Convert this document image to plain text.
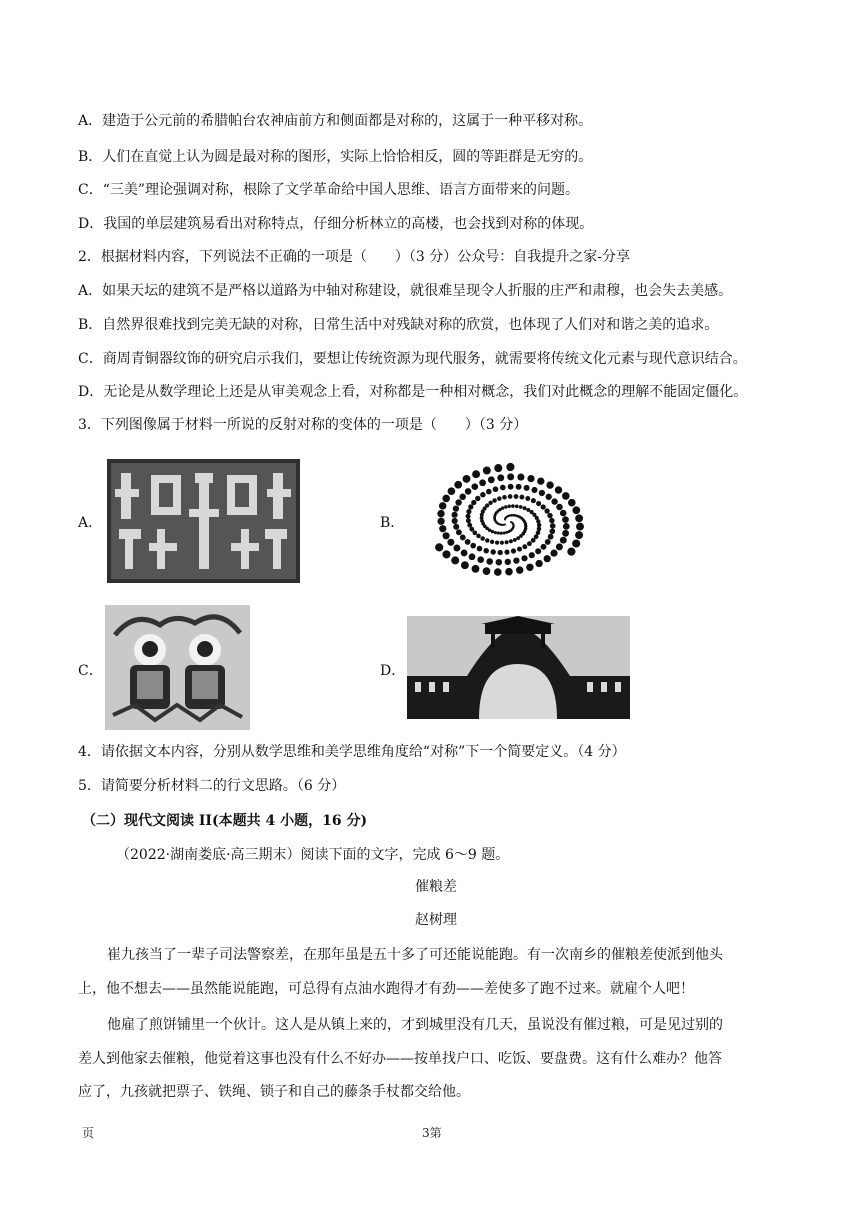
A．建造于公元前的希腊帕台农神庙前方和侧面都是对称的，这属于一种平移对称。
B．人们在直觉上认为圆是最对称的图形，实际上恰恰相反，圆的等距群是无穷的。
C．“三美”理论强调对称，根除了文学革命给中国人思维、语言方面带来的问题。
D．我国的单层建筑易看出对称特点，仔细分析林立的高楼，也会找到对称的体现。
2．根据材料内容，下列说法不正确的一项是（　　）（3 分）公众号：自我提升之家-分享
A．如果天坛的建筑不是严格以道路为中轴对称建设，就很难呈现令人折服的庄严和肃穆，也会失去美感。
B．自然界很难找到完美无缺的对称，日常生活中对残缺对称的欣赏，也体现了人们对和谐之美的追求。
C．商周青铜器纹饰的研究启示我们，要想让传统资源为现代服务，就需要将传统文化元素与现代意识结合。
D．无论是从数学理论上还是从审美观念上看，对称都是一种相对概念，我们对此概念的理解不能固定僵化。
3．下列图像属于材料一所说的反射对称的变体的一项是（　　）（3 分）
A．	B．
C．	D．
4．请依据文本内容，分别从数学思维和美学思维角度给“对称”下一个简要定义。（4 分）
5．请简要分析材料二的行文思路。（6 分）
（二）现代文阅读 II(本题共 4 小题，16 分)
（2022·湖南娄底·高三期末）阅读下面的文字，完成 6～9 题。
催粮差
赵树理
崔九孩当了一辈子司法警察差，在那年虽是五十多了可还能说能跑。有一次南乡的催粮差使派到他头
上，他不想去——虽然能说能跑，可总得有点油水跑得才有劲——差使多了跑不过来。就雇个人吧！
他雇了煎饼铺里一个伙计。这人是从镇上来的，才到城里没有几天，虽说没有催过粮，可是见过别的
差人到他家去催粮，他觉着这事也没有什么不好办——按单找户口、吃饭、要盘费。这有什么难办？他答
应了，九孩就把票子、铁绳、锁子和自己的藤条手杖都交给他。
页	3第
